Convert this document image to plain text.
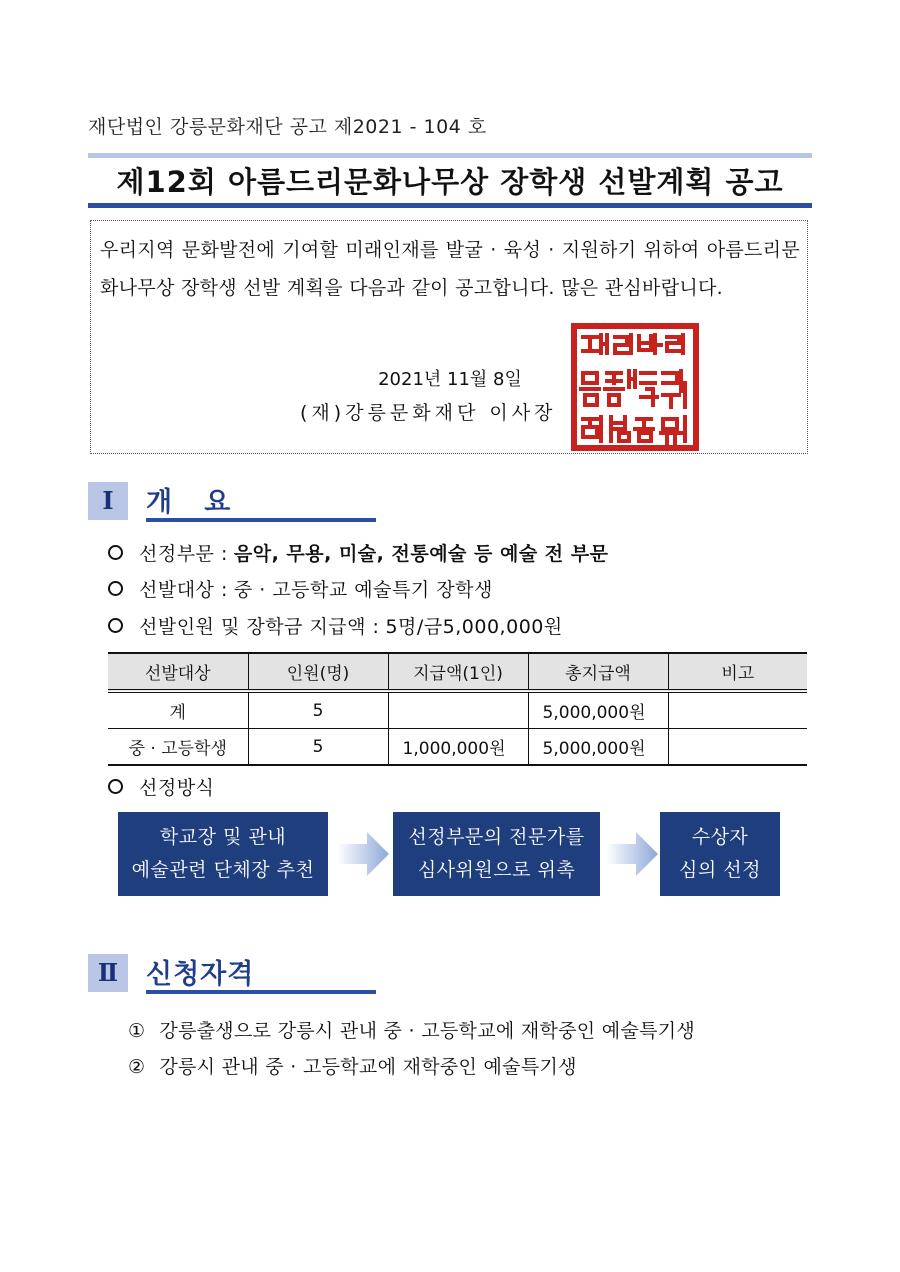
재단법인 강릉문화재단 공고 제2021 - 104 호
제12회 아름드리문화나무상 장학생 선발계획 공고
우리지역 문화발전에 기여할 미래인재를 발굴 · 육성 · 지원하기 위하여 아름드리문화나무상 장학생 선발 계획을 다음과 같이 공고합니다. 많은 관심바랍니다.
2021년 11월 8일
(재)강릉문화재단 이사장
Ⅰ	개   요
선정부문 : 음악, 무용, 미술, 전통예술 등 예술 전 부문
선발대상 : 중 · 고등학교 예술특기 장학생
선발인원 및 장학금 지급액 : 5명/금5,000,000원
선발대상	인원(명)	지급액(1인)	총지급액	비고
계	5		5,000,000원	
중 · 고등학생	5	1,000,000원	5,000,000원	
선정방식
학교장 및 관내
예술관련 단체장 추천
선정부문의 전문가를
심사위원으로 위촉
수상자
심의 선정
Ⅱ	신청자격
① 강릉출생으로 강릉시 관내 중 · 고등학교에 재학중인 예술특기생
② 강릉시 관내 중 · 고등학교에 재학중인 예술특기생
